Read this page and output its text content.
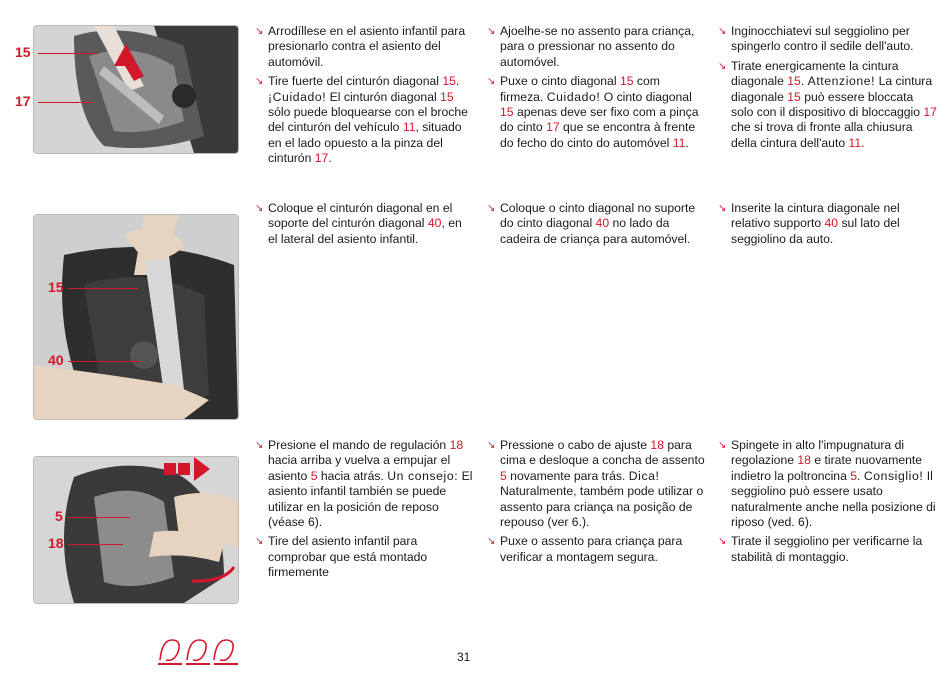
15
17
15
40
5
18

↘ Arrodíllese en el asiento infantil para presionarlo contra el asiento del automóvil.

↘ Tire fuerte del cinturón diagonal 15. ¡Cuidado! El cinturón diagonal 15 sólo puede bloquearse con el broche del cinturón del vehículo 11, situado en el lado opuesto a la pinza del cinturón 17.

↘ Ajoelhe-se no assento para criança, para o pressionar no assento do automóvel.

↘ Puxe o cinto diagonal 15 com firmeza. Cuidado! O cinto diagonal 15 apenas deve ser fixo com a pinça do cinto 17 que se encontra à frente do fecho do cinto do automóvel 11.

↘ Inginocchiatevi sul seggiolino per spingerlo contro il sedile dell'auto.

↘ Tirate energicamente la cintura diagonale 15. Attenzione! La cintura diagonale 15 può essere bloccata solo con il dispositivo di bloccaggio 17 che si trova di fronte alla chiusura della cintura dell'auto 11.

↘ Coloque el cinturón diagonal en el soporte del cinturón diagonal 40, en el lateral del asiento infantil.

↘ Coloque o cinto diagonal no suporte do cinto diagonal 40 no lado da cadeira de criança para automóvel.

↘ Inserite la cintura diagonale nel relativo supporto 40 sul lato del seggiolino da auto.

↘ Presione el mando de regulación 18 hacia arriba y vuelva a empujar el asiento 5 hacia atrás. Un consejo: El asiento infantil también se puede utilizar en la posición de reposo (véase 6).

↘ Tire del asiento infantil para comprobar que está montado firmemente

↘ Pressione o cabo de ajuste 18 para cima e desloque a concha de assento 5 novamente para trás. Dica! Naturalmente, também pode utilizar o assento para criança na posição de repouso (ver 6.).

↘ Puxe o assento para criança para verificar a montagem segura.

↘ Spingete in alto l'impugnatura di regolazione 18 e tirate nuovamente indietro la poltroncina 5. Consiglio! Il seggiolino può essere usato naturalmente anche nella posizione di riposo (ved. 6).

↘ Tirate il seggiolino per verificarne la stabilità di montaggio.

31
